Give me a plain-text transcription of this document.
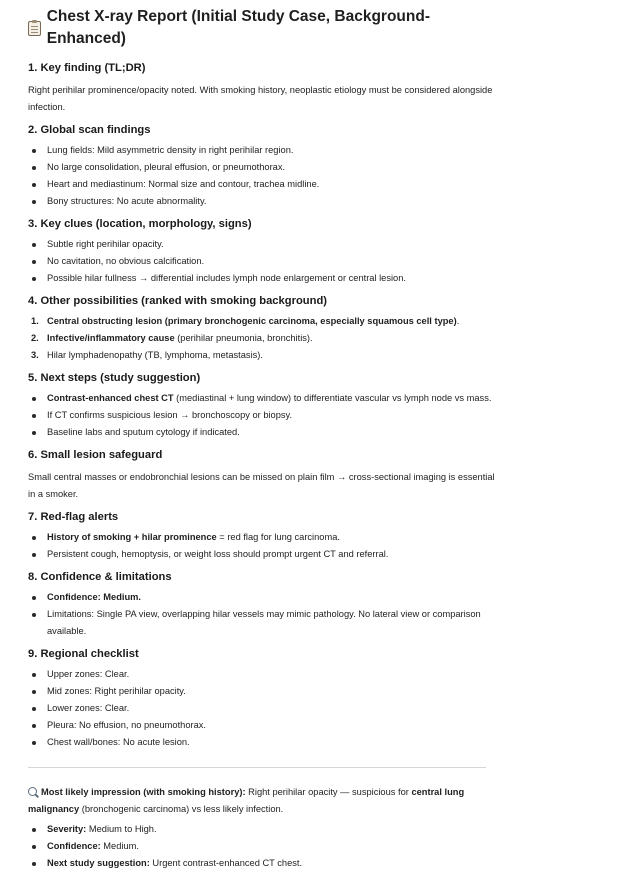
Chest X-ray Report (Initial Study Case, Background-Enhanced)
1. Key finding (TL;DR)

Right perihilar prominence/opacity noted. With smoking history, neoplastic etiology must be considered alongside infection.

2. Global scan findings
Lung fields: Mild asymmetric density in right perihilar region.
No large consolidation, pleural effusion, or pneumothorax.
Heart and mediastinum: Normal size and contour, trachea midline.
Bony structures: No acute abnormality.
3. Key clues (location, morphology, signs)
Subtle right perihilar opacity.
No cavitation, no obvious calcification.
Possible hilar fullness → differential includes lymph node enlargement or central lesion.
4. Other possibilities (ranked with smoking background)
1. Central obstructing lesion (primary bronchogenic carcinoma, especially squamous cell type).
2. Infective/inflammatory cause (perihilar pneumonia, bronchitis).
3. Hilar lymphadenopathy (TB, lymphoma, metastasis).
5. Next steps (study suggestion)
Contrast-enhanced chest CT (mediastinal + lung window) to differentiate vascular vs lymph node vs mass.
If CT confirms suspicious lesion → bronchoscopy or biopsy.
Baseline labs and sputum cytology if indicated.
6. Small lesion safeguard

Small central masses or endobronchial lesions can be missed on plain film → cross-sectional imaging is essential in a smoker.

7. Red-flag alerts
History of smoking + hilar prominence = red flag for lung carcinoma.
Persistent cough, hemoptysis, or weight loss should prompt urgent CT and referral.
8. Confidence & limitations
Confidence: Medium.
Limitations: Single PA view, overlapping hilar vessels may mimic pathology. No lateral view or comparison available.
9. Regional checklist
Upper zones: Clear.
Mid zones: Right perihilar opacity.
Lower zones: Clear.
Pleura: No effusion, no pneumothorax.
Chest wall/bones: No acute lesion.

Most likely impression (with smoking history): Right perihilar opacity — suspicious for central lung malignancy (bronchogenic carcinoma) vs less likely infection.

Severity: Medium to High.
Confidence: Medium.
Next study suggestion: Urgent contrast-enhanced CT chest.
